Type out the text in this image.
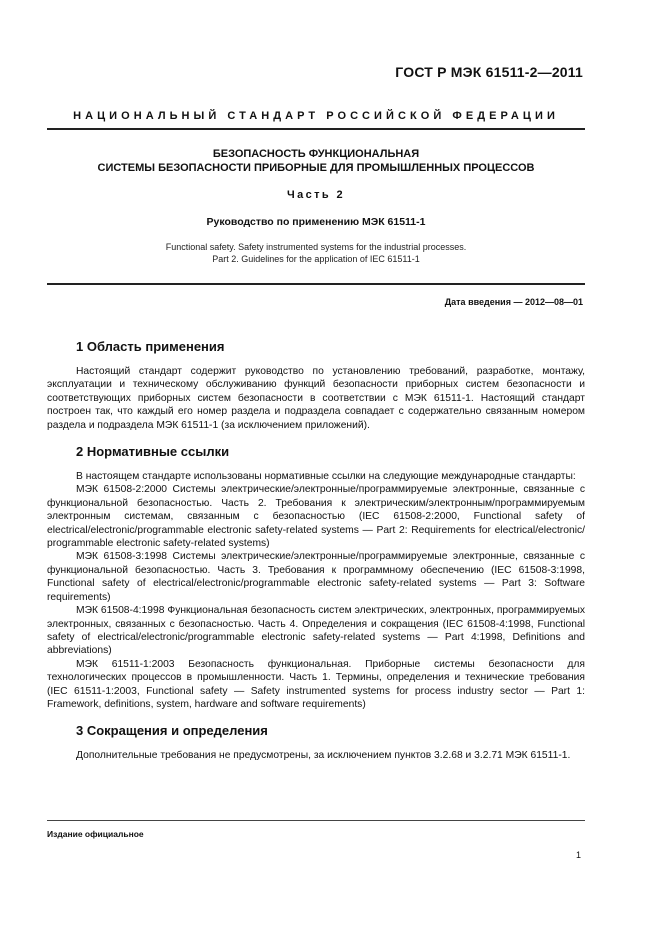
ГОСТ Р МЭК 61511-2—2011
НАЦИОНАЛЬНЫЙ СТАНДАРТ РОССИЙСКОЙ ФЕДЕРАЦИИ
БЕЗОПАСНОСТЬ ФУНКЦИОНАЛЬНАЯ
СИСТЕМЫ БЕЗОПАСНОСТИ ПРИБОРНЫЕ ДЛЯ ПРОМЫШЛЕННЫХ ПРОЦЕССОВ
Часть 2
Руководство по применению МЭК 61511-1
Functional safety. Safety instrumented systems for the industrial processes.
Part 2. Guidelines for the application of IEC 61511-1
Дата введения — 2012—08—01
1 Область применения

Настоящий стандарт содержит руководство по установлению требований, разработке, монтажу, эксплуатации и техническому обслуживанию функций безопасности приборных систем безопасности и соответствующих приборных систем безопасности в соответствии с МЭК 61511-1. Настоящий стандарт построен так, что каждый его номер раздела и подраздела совпадает с содержательно связанным номером раздела и подраздела МЭК 61511-1 (за исключением приложений).

2 Нормативные ссылки

В настоящем стандарте использованы нормативные ссылки на следующие международные стандарты:

МЭК 61508-2:2000 Системы электрические/электронные/программируемые электронные, связанные с функциональной безопасностью. Часть 2. Требования к электрическим/электронным/программируемым электронным системам, связанным с безопасностью (IEC 61508-2:2000, Functional safety of electrical/electronic/programmable electronic safety-related systems — Part 2: Requirements for electrical/electronic/ programmable electronic safety-related systems)

МЭК 61508-3:1998 Системы электрические/электронные/программируемые электронные, связанные с функциональной безопасностью. Часть 3. Требования к программному обеспечению (IEC 61508-3:1998, Functional safety of electrical/electronic/programmable electronic safety-related systems — Part 3: Software requirements)

МЭК 61508-4:1998 Функциональная безопасность систем электрических, электронных, программируемых электронных, связанных с безопасностью. Часть 4. Определения и сокращения (IEC 61508-4:1998, Functional safety of electrical/electronic/programmable electronic safety-related systems — Part 4:1998, Definitions and abbreviations)

МЭК 61511-1:2003 Безопасность функциональная. Приборные системы безопасности для технологических процессов в промышленности. Часть 1. Термины, определения и технические требования (IEC 61511-1:2003, Functional safety — Safety instrumented systems for process industry sector — Part 1: Framework, definitions, system, hardware and software requirements)

3 Сокращения и определения

Дополнительные требования не предусмотрены, за исключением пунктов 3.2.68 и 3.2.71 МЭК 61511-1.

Издание официальное
1
